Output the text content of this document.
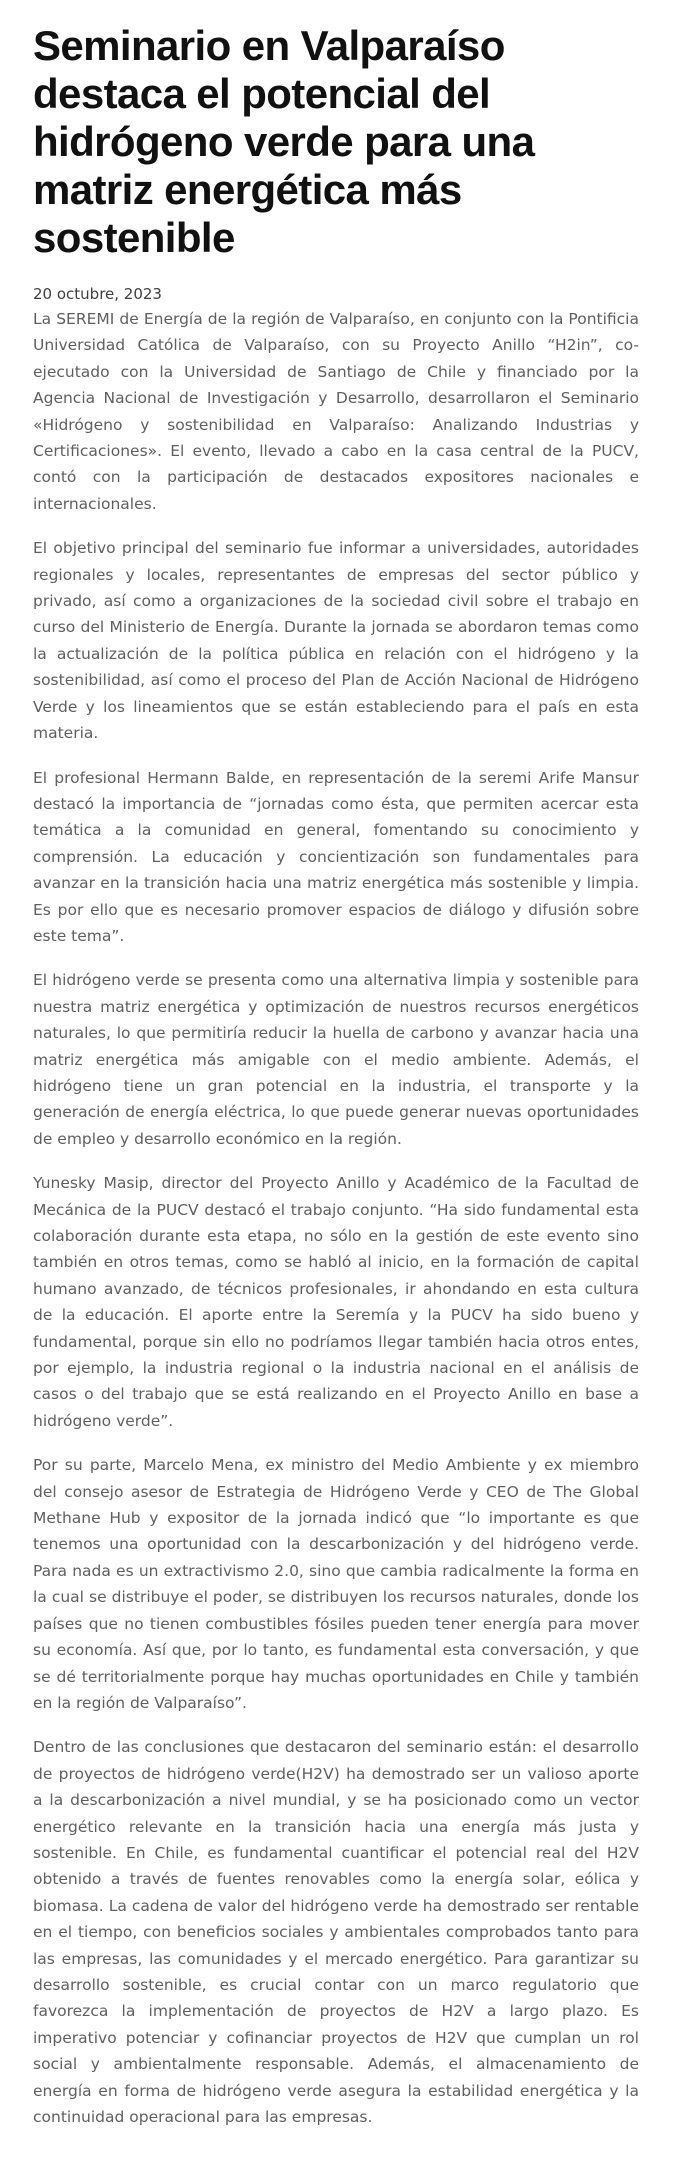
Seminario en Valparaíso destaca el potencial del hidrógeno verde para una matriz energética más sostenible
20 octubre, 2023

La SEREMI de Energía de la región de Valparaíso, en conjunto con la Pontificia Universidad Católica de Valparaíso, con su Proyecto Anillo “H2in”, co-ejecutado con la Universidad de Santiago de Chile y financiado por la Agencia Nacional de Investigación y Desarrollo, desarrollaron el Seminario «Hidrógeno y sostenibilidad en Valparaíso: Analizando Industrias y Certificaciones». El evento, llevado a cabo en la casa central de la PUCV, contó con la participación de destacados expositores nacionales e internacionales.

El objetivo principal del seminario fue informar a universidades, autoridades regionales y locales, representantes de empresas del sector público y privado, así como a organizaciones de la sociedad civil sobre el trabajo en curso del Ministerio de Energía. Durante la jornada se abordaron temas como la actualización de la política pública en relación con el hidrógeno y la sostenibilidad, así como el proceso del Plan de Acción Nacional de Hidrógeno Verde y los lineamientos que se están estableciendo para el país en esta materia.

El profesional Hermann Balde, en representación de la seremi Arife Mansur destacó la importancia de “jornadas como ésta, que permiten acercar esta temática a la comunidad en general, fomentando su conocimiento y comprensión. La educación y concientización son fundamentales para avanzar en la transición hacia una matriz energética más sostenible y limpia. Es por ello que es necesario promover espacios de diálogo y difusión sobre este tema”.

El hidrógeno verde se presenta como una alternativa limpia y sostenible para nuestra matriz energética y optimización de nuestros recursos energéticos naturales, lo que permitiría reducir la huella de carbono y avanzar hacia una matriz energética más amigable con el medio ambiente. Además, el hidrógeno tiene un gran potencial en la industria, el transporte y la generación de energía eléctrica, lo que puede generar nuevas oportunidades de empleo y desarrollo económico en la región.

Yunesky Masip, director del Proyecto Anillo y Académico de la Facultad de Mecánica de la PUCV destacó el trabajo conjunto. “Ha sido fundamental esta colaboración durante esta etapa, no sólo en la gestión de este evento sino también en otros temas, como se habló al inicio, en la formación de capital humano avanzado, de técnicos profesionales, ir ahondando en esta cultura de la educación. El aporte entre la Seremía y la PUCV ha sido bueno y fundamental, porque sin ello no podríamos llegar también hacia otros entes, por ejemplo, la industria regional o la industria nacional en el análisis de casos o del trabajo que se está realizando en el Proyecto Anillo en base a hidrógeno verde”.

Por su parte, Marcelo Mena, ex ministro del Medio Ambiente y ex miembro del consejo asesor de Estrategia de Hidrógeno Verde y CEO de The Global Methane Hub y expositor de la jornada indicó que “lo importante es que tenemos una oportunidad con la descarbonización y del hidrógeno verde. Para nada es un extractivismo 2.0, sino que cambia radicalmente la forma en la cual se distribuye el poder, se distribuyen los recursos naturales, donde los países que no tienen combustibles fósiles pueden tener energía para mover su economía. Así que, por lo tanto, es fundamental esta conversación, y que se dé territorialmente porque hay muchas oportunidades en Chile y también en la región de Valparaíso”.

Dentro de las conclusiones que destacaron del seminario están: el desarrollo de proyectos de hidrógeno verde(H2V) ha demostrado ser un valioso aporte a la descarbonización a nivel mundial, y se ha posicionado como un vector energético relevante en la transición hacia una energía más justa y sostenible. En Chile, es fundamental cuantificar el potencial real del H2V obtenido a través de fuentes renovables como la energía solar, eólica y biomasa. La cadena de valor del hidrógeno verde ha demostrado ser rentable en el tiempo, con beneficios sociales y ambientales comprobados tanto para las empresas, las comunidades y el mercado energético. Para garantizar su desarrollo sostenible, es crucial contar con un marco regulatorio que favorezca la implementación de proyectos de H2V a largo plazo. Es imperativo potenciar y cofinanciar proyectos de H2V que cumplan un rol social y ambientalmente responsable. Además, el almacenamiento de energía en forma de hidrógeno verde asegura la estabilidad energética y la continuidad operacional para las empresas.
